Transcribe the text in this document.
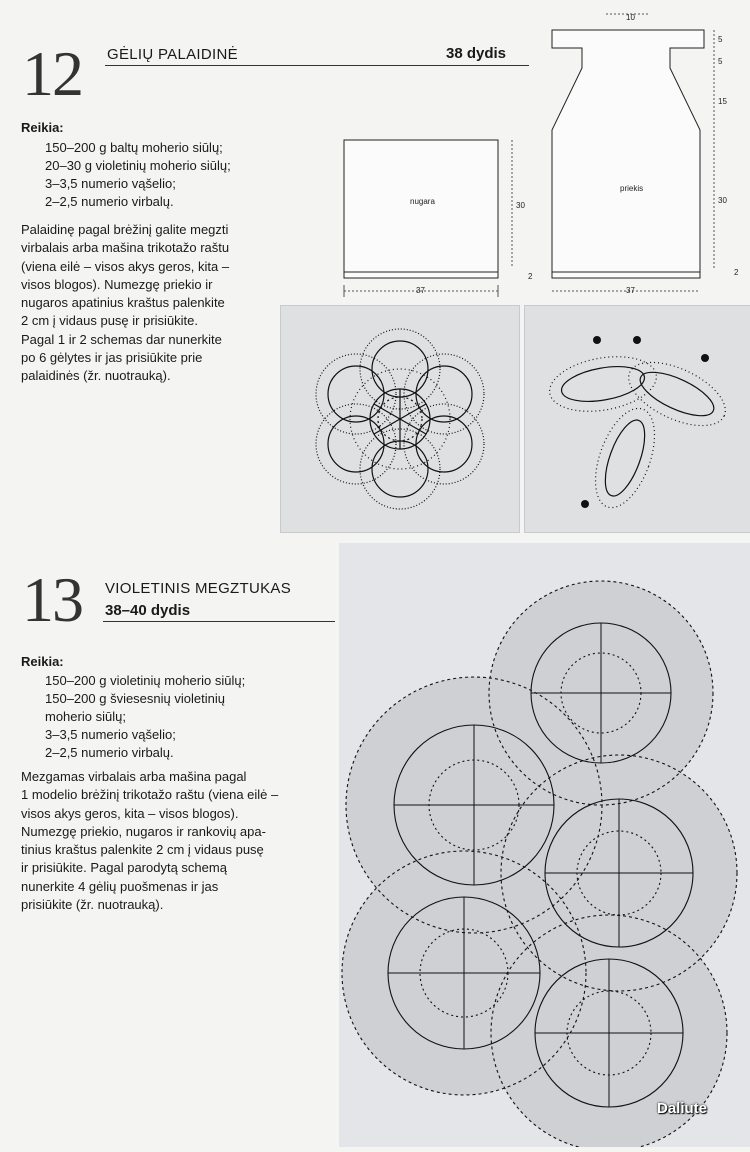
12 GĖLIŲ PALAIDINĖ	38 dydis
Reikia:
150–200 g baltų moherio siūlų;
20–30 g violetinių moherio siūlų;
3–3,5 numerio vąšelio;
2–2,5 numerio virbalų.
Palaidinę pagal brėžinį galite megzti
virbalais arba mašina trikotažo raštu
(viena eilė – visos akys geros, kita –
visos blogos). Numezgę priekio ir
nugaros apatinius kraštus palenkite
2 cm į vidaus pusę ir prisiūkite.
Pagal 1 ir 2 schemas dar nunerkite
po 6 gėlytes ir jas prisiūkite prie
palaidinės (žr. nuotrauką).
nugara	30
2
37
priekis
10
5
5
15
30
2
37
13 VIOLETINIS MEGZTUKAS
38–40 dydis
Reikia:
150–200 g violetinių moherio siūlų;
150–200 g šviesesnių violetinių
moherio siūlų;
3–3,5 numerio vąšelio;
2–2,5 numerio virbalų.
Mezgamas virbalais arba mašina pagal
1 modelio brėžinį trikotažo raštu (viena eilė –
visos akys geros, kita – visos blogos).
Numezgę priekio, nugaros ir rankovių apa-
tinius kraštus palenkite 2 cm į vidaus pusę
ir prisiūkite. Pagal parodytą schemą
nunerkite 4 gėlių puošmenas ir jas
prisiūkite (žr. nuotrauką).
Daliute
